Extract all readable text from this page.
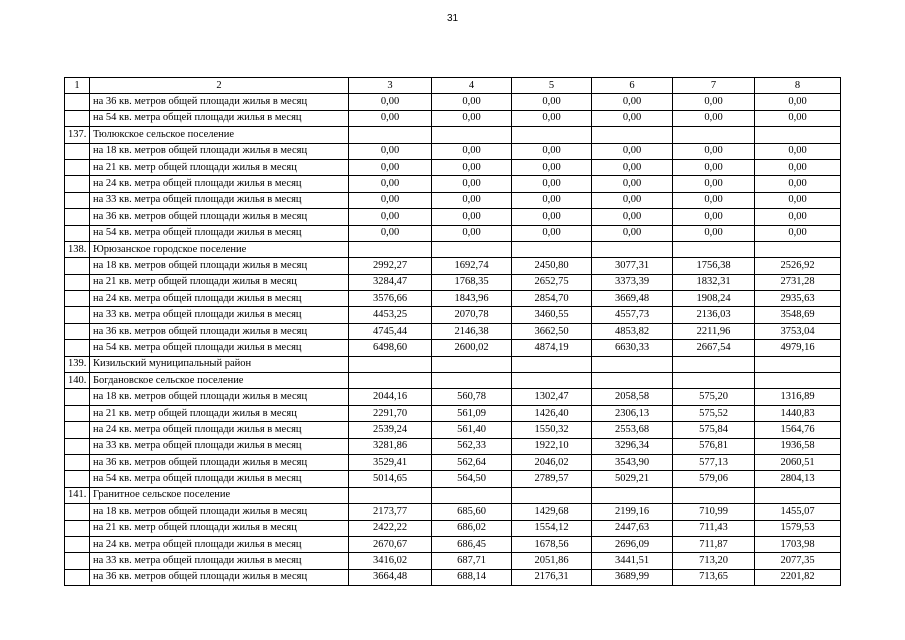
31
1	2	3	4	5	6	7	8
	на 36 кв. метров общей площади жилья в месяц	0,00	0,00	0,00	0,00	0,00	0,00
	на 54 кв. метра общей площади жилья в месяц	0,00	0,00	0,00	0,00	0,00	0,00
137.	Тюлюкское сельское поселение						
	на 18 кв. метров общей площади жилья в месяц	0,00	0,00	0,00	0,00	0,00	0,00
	на 21 кв. метр общей площади жилья в месяц	0,00	0,00	0,00	0,00	0,00	0,00
	на 24 кв. метра общей площади жилья в месяц	0,00	0,00	0,00	0,00	0,00	0,00
	на 33 кв. метра общей площади жилья в месяц	0,00	0,00	0,00	0,00	0,00	0,00
	на 36 кв. метров общей площади жилья в месяц	0,00	0,00	0,00	0,00	0,00	0,00
	на 54 кв. метра общей площади жилья в месяц	0,00	0,00	0,00	0,00	0,00	0,00
138.	Юрюзанское городское поселение						
	на 18 кв. метров общей площади жилья в месяц	2992,27	1692,74	2450,80	3077,31	1756,38	2526,92
	на 21 кв. метр общей площади жилья в месяц	3284,47	1768,35	2652,75	3373,39	1832,31	2731,28
	на 24 кв. метра общей площади жилья в месяц	3576,66	1843,96	2854,70	3669,48	1908,24	2935,63
	на 33 кв. метра общей площади жилья в месяц	4453,25	2070,78	3460,55	4557,73	2136,03	3548,69
	на 36 кв. метров общей площади жилья в месяц	4745,44	2146,38	3662,50	4853,82	2211,96	3753,04
	на 54 кв. метра общей площади жилья в месяц	6498,60	2600,02	4874,19	6630,33	2667,54	4979,16
139.	Кизильский муниципальный район						
140.	Богдановское сельское поселение						
	на 18 кв. метров общей площади жилья в месяц	2044,16	560,78	1302,47	2058,58	575,20	1316,89
	на 21 кв. метр общей площади жилья в месяц	2291,70	561,09	1426,40	2306,13	575,52	1440,83
	на 24 кв. метра общей площади жилья в месяц	2539,24	561,40	1550,32	2553,68	575,84	1564,76
	на 33 кв. метра общей площади жилья в месяц	3281,86	562,33	1922,10	3296,34	576,81	1936,58
	на 36 кв. метров общей площади жилья в месяц	3529,41	562,64	2046,02	3543,90	577,13	2060,51
	на 54 кв. метра общей площади жилья в месяц	5014,65	564,50	2789,57	5029,21	579,06	2804,13
141.	Гранитное сельское поселение						
	на 18 кв. метров общей площади жилья в месяц	2173,77	685,60	1429,68	2199,16	710,99	1455,07
	на 21 кв. метр общей площади жилья в месяц	2422,22	686,02	1554,12	2447,63	711,43	1579,53
	на 24 кв. метра общей площади жилья в месяц	2670,67	686,45	1678,56	2696,09	711,87	1703,98
	на 33 кв. метра общей площади жилья в месяц	3416,02	687,71	2051,86	3441,51	713,20	2077,35
	на 36 кв. метров общей площади жилья в месяц	3664,48	688,14	2176,31	3689,99	713,65	2201,82
